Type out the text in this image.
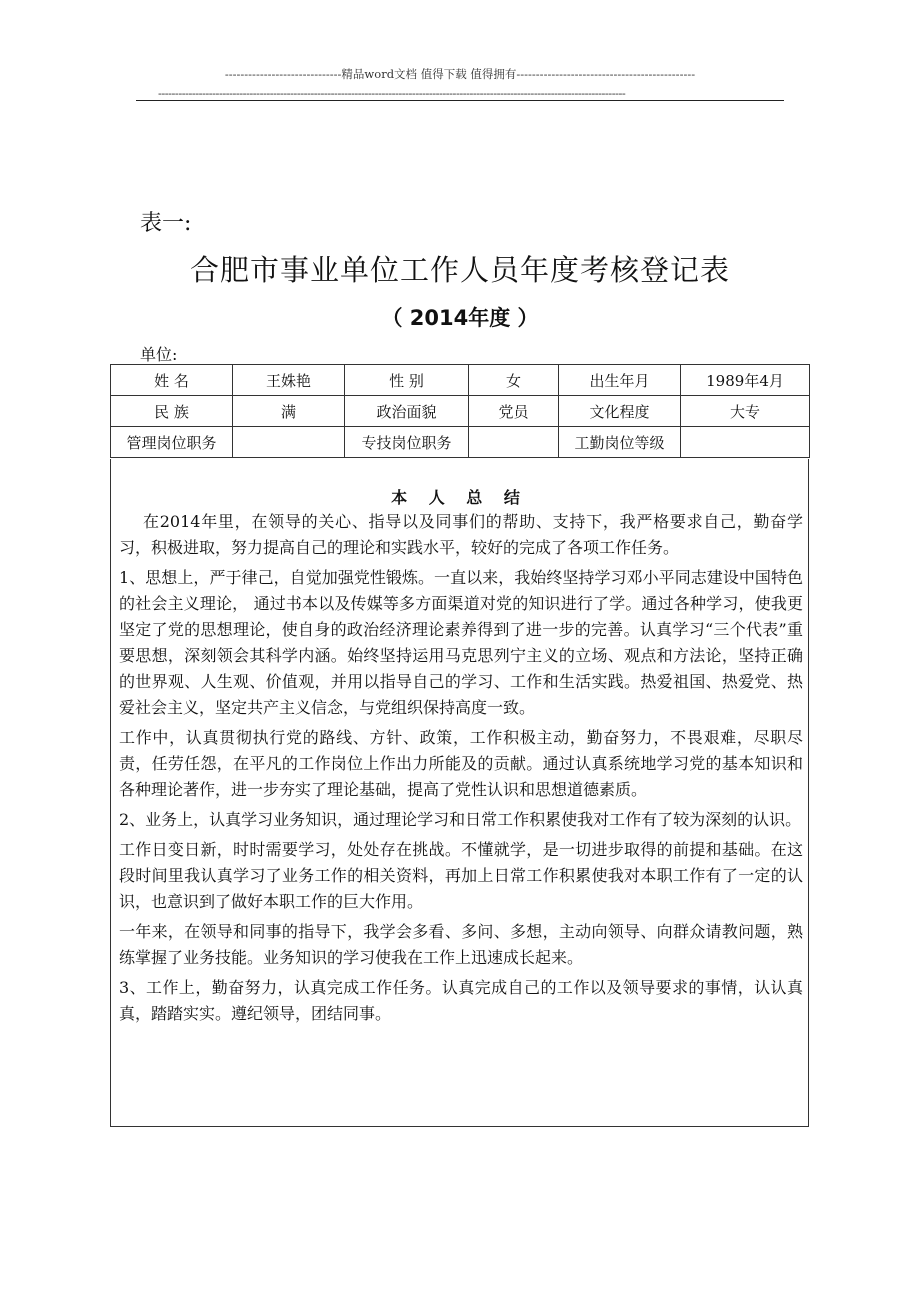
------------------------------精品word文档 值得下载 值得拥有----------------------------------------------
------------------------------------------------------------------------------------------------------------------------------------------
表一:
合肥市事业单位工作人员年度考核登记表
（ 2014年度 ）
单位:
姓 名	王姝艳	性 别	女	出生年月	1989年4月
民 族	满	政治面貌	党员	文化程度	大专
管理岗位职务		专技岗位职务		工勤岗位等级	
本 人 总 结

在2014年里，在领导的关心、指导以及同事们的帮助、支持下，我严格要求自己，勤奋学习，积极进取，努力提高自己的理论和实践水平，较好的完成了各项工作任务。

1、思想上，严于律己，自觉加强党性锻炼。一直以来，我始终坚持学习邓小平同志建设中国特色的社会主义理论， 通过书本以及传媒等多方面渠道对党的知识进行了学。通过各种学习，使我更坚定了党的思想理论，使自身的政治经济理论素养得到了进一步的完善。认真学习“三个代表”重要思想，深刻领会其科学内涵。始终坚持运用马克思列宁主义的立场、观点和方法论，坚持正确的世界观、人生观、价值观，并用以指导自己的学习、工作和生活实践。热爱祖国、热爱党、热爱社会主义，坚定共产主义信念，与党组织保持高度一致。

工作中，认真贯彻执行党的路线、方针、政策，工作积极主动，勤奋努力，不畏艰难，尽职尽责，任劳任怨，在平凡的工作岗位上作出力所能及的贡献。通过认真系统地学习党的基本知识和各种理论著作，进一步夯实了理论基础，提高了党性认识和思想道德素质。

2、业务上，认真学习业务知识，通过理论学习和日常工作积累使我对工作有了较为深刻的认识。

工作日变日新，时时需要学习，处处存在挑战。不懂就学，是一切进步取得的前提和基础。在这段时间里我认真学习了业务工作的相关资料，再加上日常工作积累使我对本职工作有了一定的认识，也意识到了做好本职工作的巨大作用。

一年来，在领导和同事的指导下，我学会多看、多问、多想，主动向领导、向群众请教问题，熟练掌握了业务技能。业务知识的学习使我在工作上迅速成长起来。

3、工作上，勤奋努力，认真完成工作任务。认真完成自己的工作以及领导要求的事情，认认真真，踏踏实实。遵纪领导，团结同事。
